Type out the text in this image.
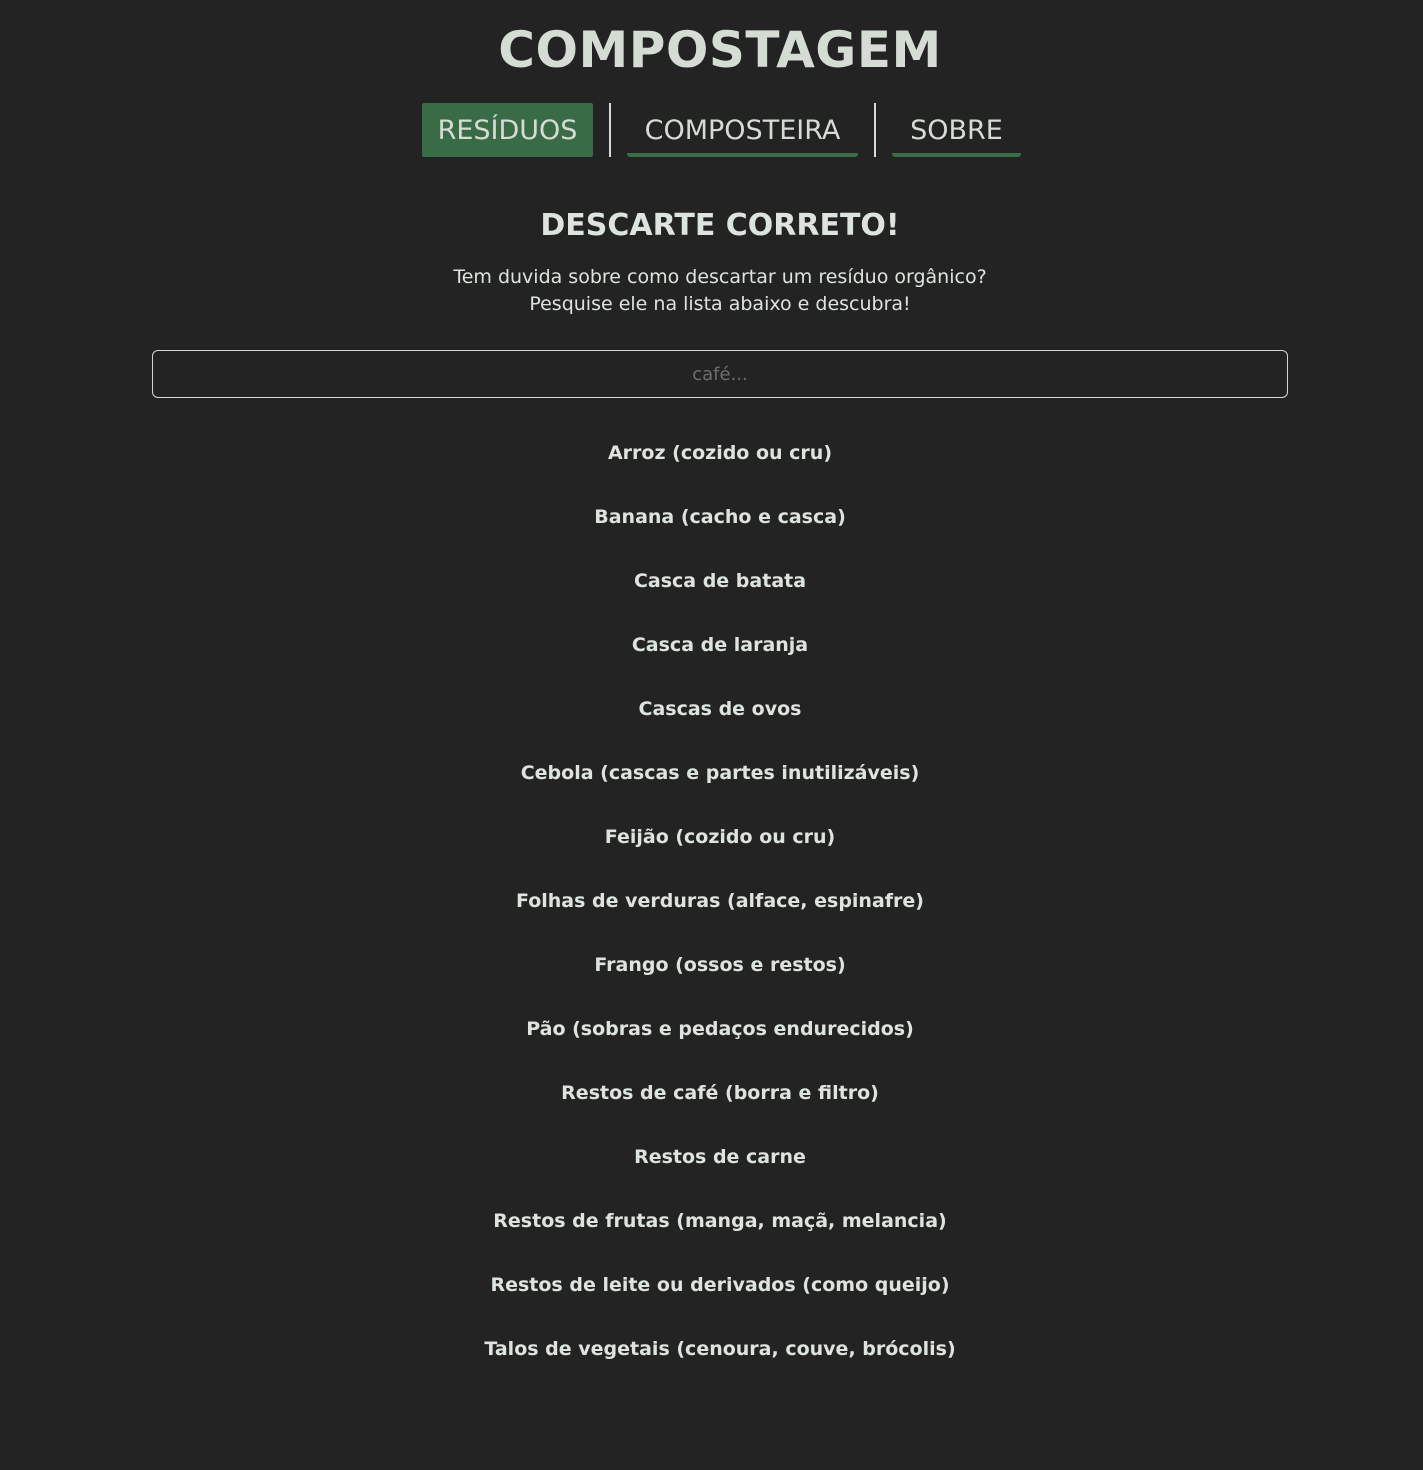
COMPOSTAGEM
RESÍDUOS	COMPOSTEIRA	SOBRE
DESCARTE CORRETO!
Tem duvida sobre como descartar um resíduo orgânico?
Pesquise ele na lista abaixo e descubra!
café...
Arroz (cozido ou cru)
Banana (cacho e casca)
Casca de batata
Casca de laranja
Cascas de ovos
Cebola (cascas e partes inutilizáveis)
Feijão (cozido ou cru)
Folhas de verduras (alface, espinafre)
Frango (ossos e restos)
Pão (sobras e pedaços endurecidos)
Restos de café (borra e filtro)
Restos de carne
Restos de frutas (manga, maçã, melancia)
Restos de leite ou derivados (como queijo)
Talos de vegetais (cenoura, couve, brócolis)
